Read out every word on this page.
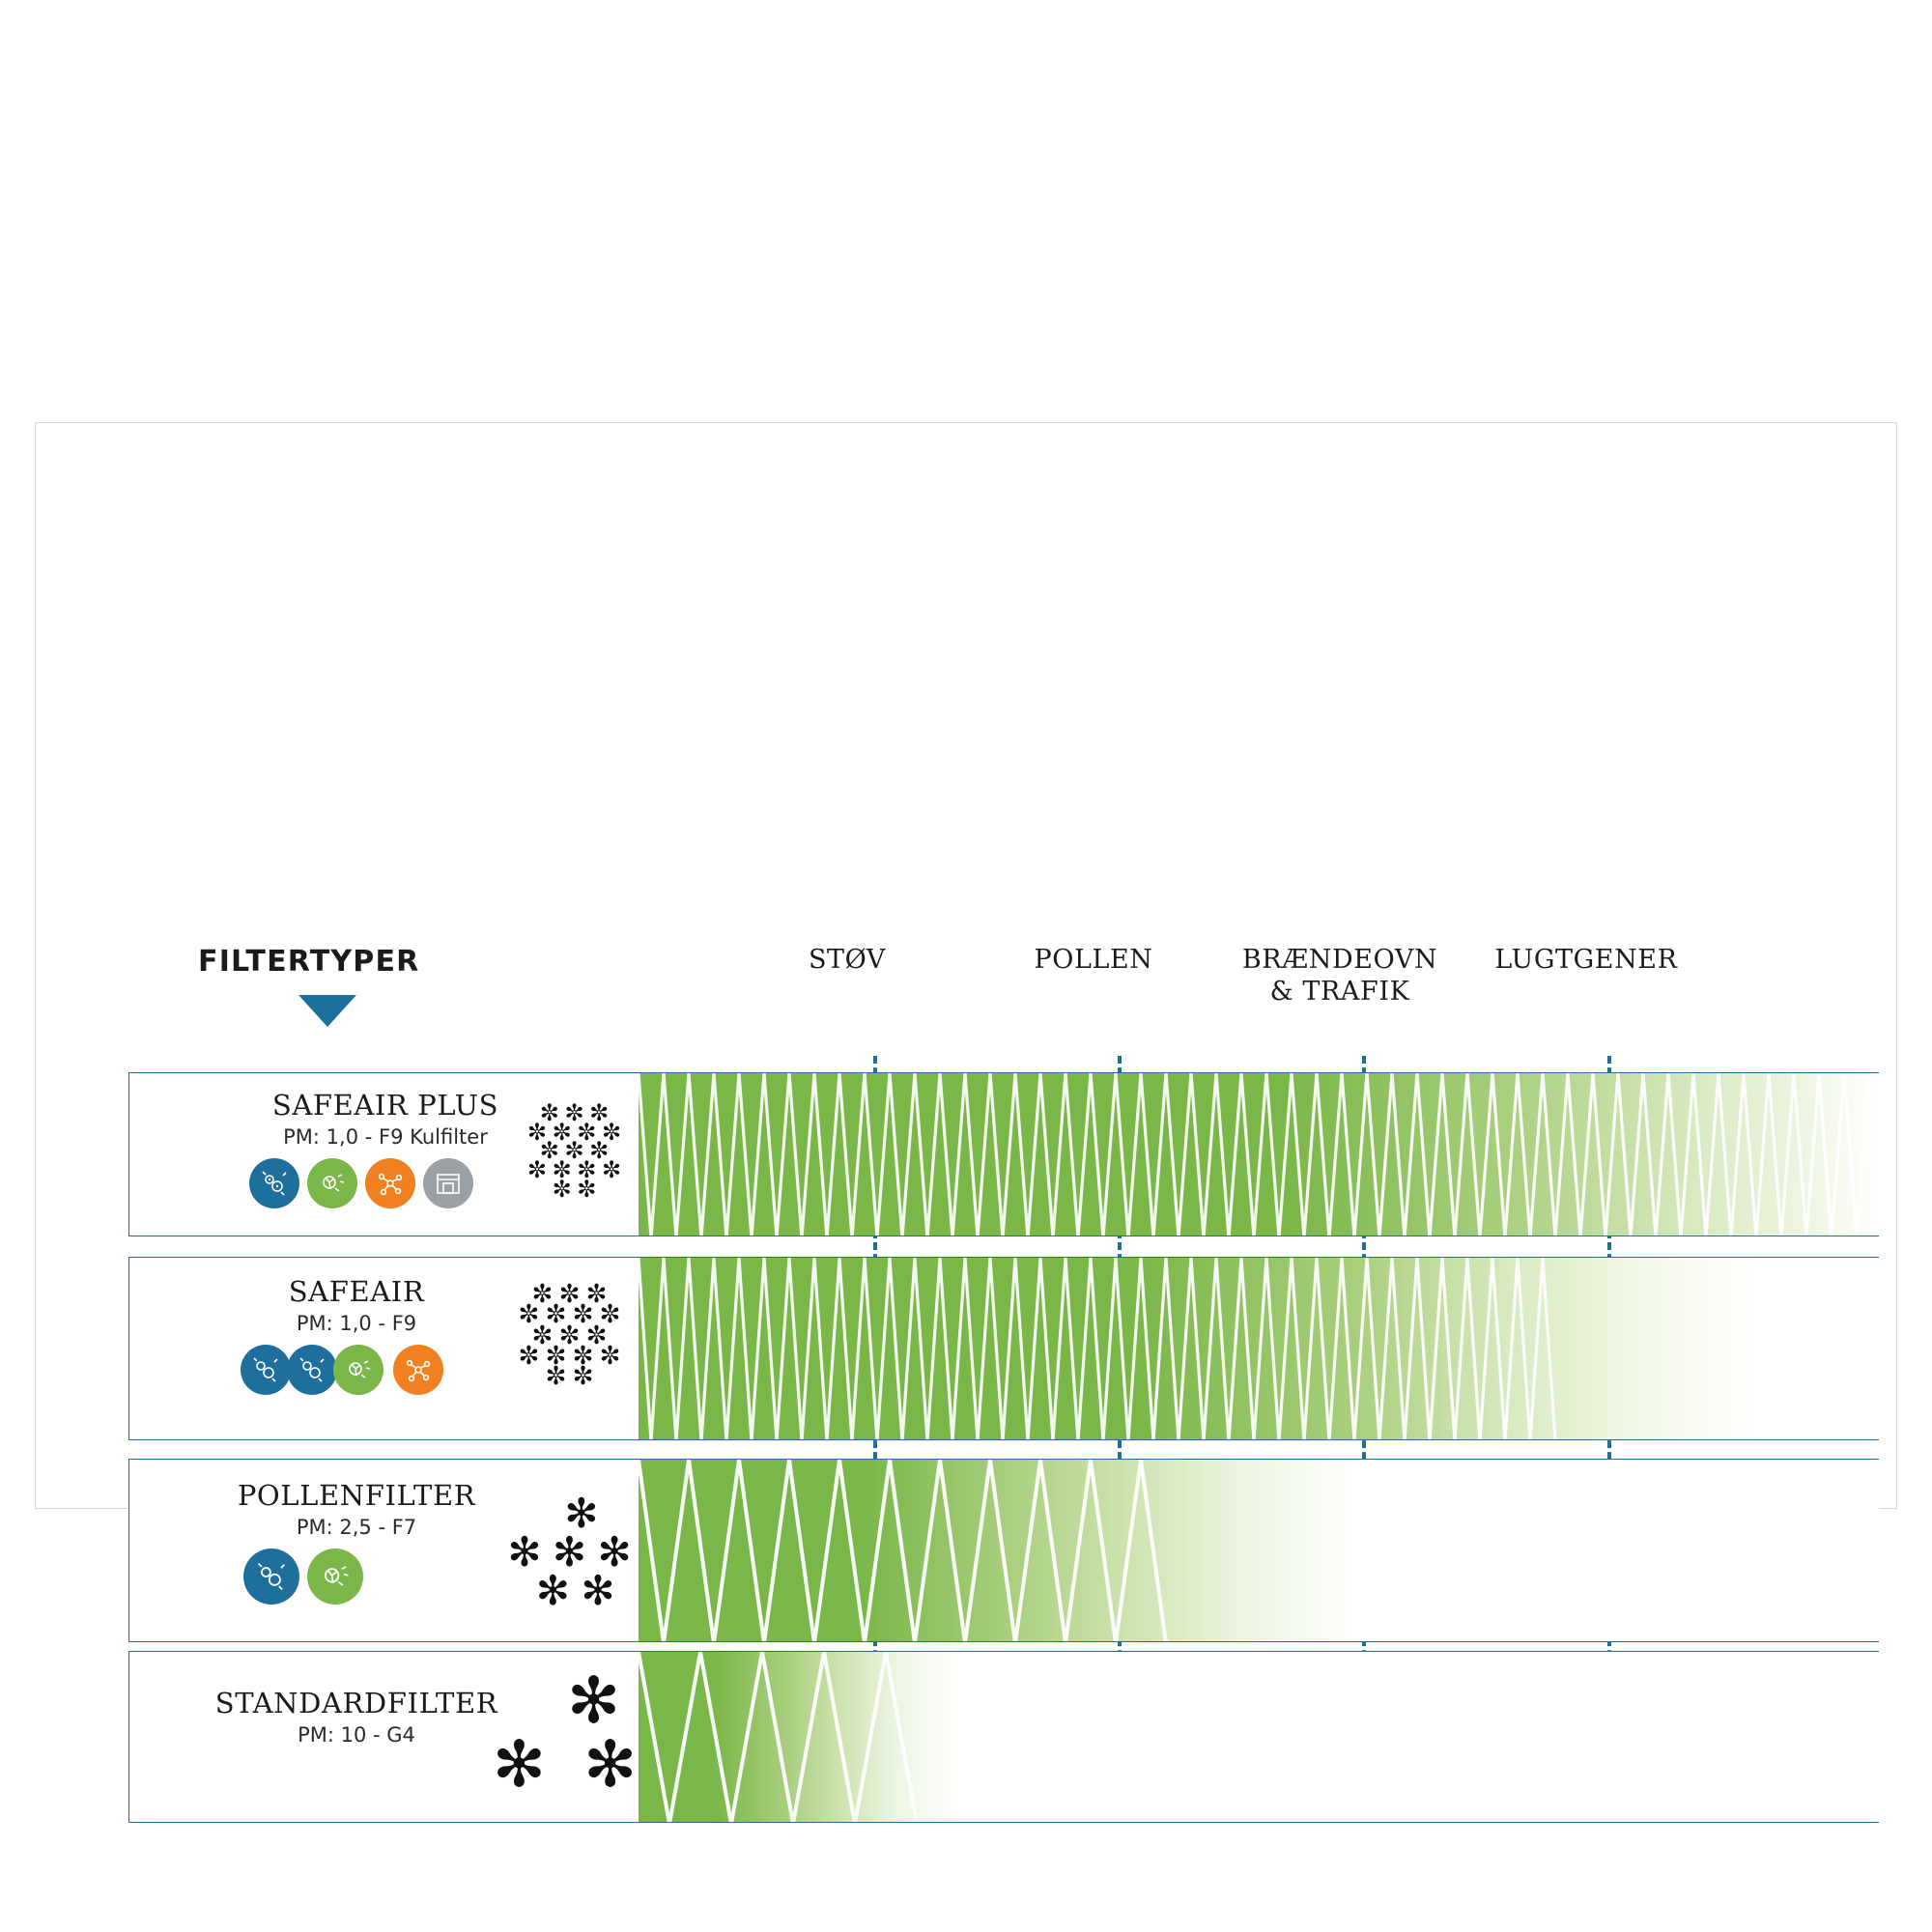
FILTERTYPER	STØV	POLLEN	BRÆNDEOVN
& TRAFIK
LUGTGENER
SAFEAIR PLUS
PM: 1,0 - F9 Kulfilter
✼ ✼ ✼
✼ ✼ ✼ ✼
✼ ✼ ✼
✼ ✼ ✼ ✼
✼ ✼
SAFEAIR
PM: 1,0 - F9
✼ ✼ ✼
✼ ✼ ✼ ✼
✼ ✼ ✼
✼ ✼ ✼ ✼
✼ ✼
POLLENFILTER
PM: 2,5 - F7	✻
✻ ✻ ✻
✻ ✻
STANDARDFILTER
PM: 10 - G4	✻
✻  ✻
